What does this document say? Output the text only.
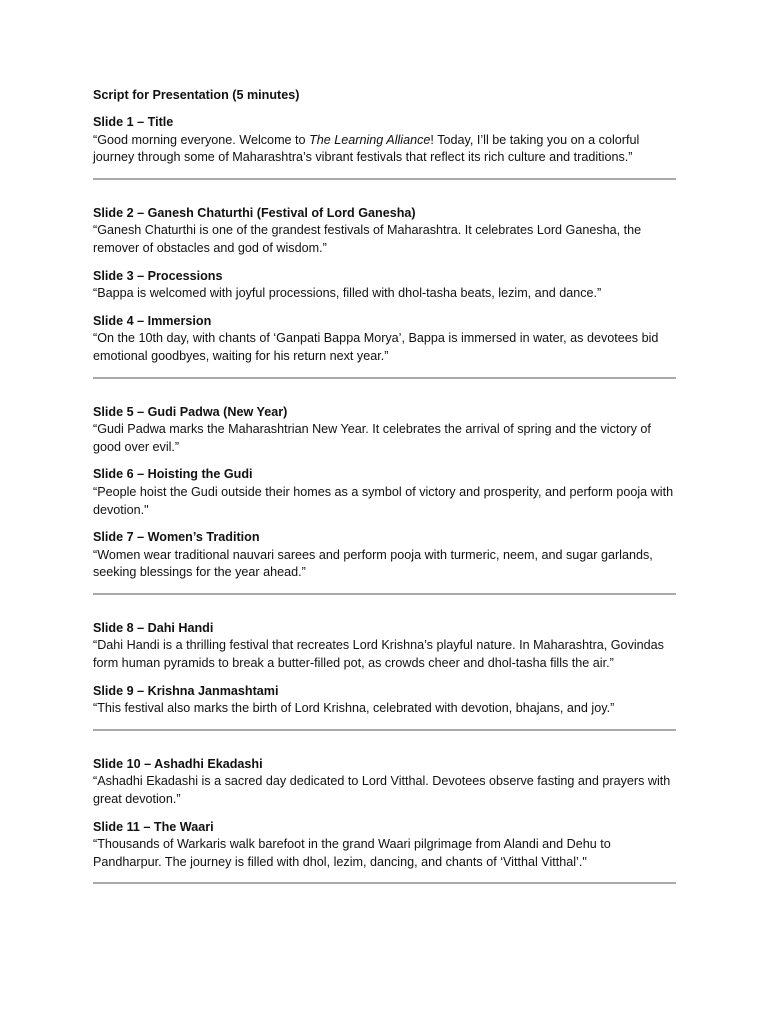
Script for Presentation (5 minutes)

Slide 1 – Title

“Good morning everyone. Welcome to The Learning Alliance! Today, I’ll be taking you on a colorful journey through some of Maharashtra’s vibrant festivals that reflect its rich culture and traditions.”

Slide 2 – Ganesh Chaturthi (Festival of Lord Ganesha)

“Ganesh Chaturthi is one of the grandest festivals of Maharashtra. It celebrates Lord Ganesha, the remover of obstacles and god of wisdom.”

Slide 3 – Processions

“Bappa is welcomed with joyful processions, filled with dhol-tasha beats, lezim, and dance.”

Slide 4 – Immersion

“On the 10th day, with chants of ‘Ganpati Bappa Morya’, Bappa is immersed in water, as devotees bid emotional goodbyes, waiting for his return next year.”

Slide 5 – Gudi Padwa (New Year)

“Gudi Padwa marks the Maharashtrian New Year. It celebrates the arrival of spring and the victory of good over evil.”

Slide 6 – Hoisting the Gudi

“People hoist the Gudi outside their homes as a symbol of victory and prosperity, and perform pooja with devotion."

Slide 7 – Women’s Tradition

“Women wear traditional nauvari sarees and perform pooja with turmeric, neem, and sugar garlands, seeking blessings for the year ahead.”

Slide 8 – Dahi Handi

“Dahi Handi is a thrilling festival that recreates Lord Krishna’s playful nature. In Maharashtra, Govindas form human pyramids to break a butter-filled pot, as crowds cheer and dhol-tasha fills the air.”

Slide 9 – Krishna Janmashtami

“This festival also marks the birth of Lord Krishna, celebrated with devotion, bhajans, and joy.”

Slide 10 – Ashadhi Ekadashi

“Ashadhi Ekadashi is a sacred day dedicated to Lord Vitthal. Devotees observe fasting and prayers with great devotion.”

Slide 11 – The Waari

“Thousands of Warkaris walk barefoot in the grand Waari pilgrimage from Alandi and Dehu to Pandharpur. The journey is filled with dhol, lezim, dancing, and chants of ‘Vitthal Vitthal’."
